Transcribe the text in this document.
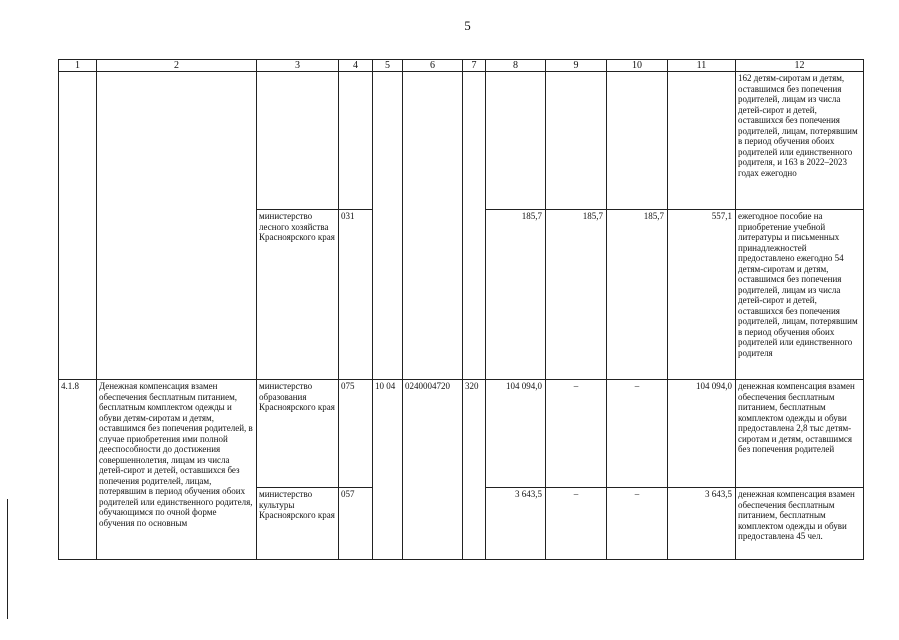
5
1	2	3	4	5	6	7	8	9	10	11	12
											162 детям-сиротам и детям, оставшимся без попечения родителей, лицам из числа детей-сирот и детей, оставшихся без попечения родителей, лицам, потерявшим в период обучения обоих родителей или единственного родителя, и 163 в 2022–2023 годах ежегодно
		министерство лесного хозяйства Красноярского края	031				185,7	185,7	185,7	557,1	ежегодное пособие на приобретение учебной литературы и письменных принадлежностей предоставлено ежегодно 54 детям-сиротам и детям, оставшимся без попечения родителей, лицам из числа детей-сирот и детей, оставшихся без попечения родителей, лицам, потерявшим в период обучения обоих родителей или единственного родителя
4.1.8	Денежная компенсация взамен обеспечения бесплатным питанием, бесплатным комплектом одежды и обуви детям-сиротам и детям, оставшимся без попечения родителей, в случае приобретения ими полной дееспособности до достижения совершеннолетия, лицам из числа детей-сирот и детей, оставшихся без попечения родителей, лицам, потерявшим в период обучения обоих родителей или единственного родителя, обучающимся по очной форме обучения по основным	министерство образования Красноярского края	075	10 04	0240004720	320	104 094,0	–	–	104 094,0	денежная компенсация взамен обеспечения бесплатным питанием, бесплатным комплектом одежды и обуви предоставлена 2,8 тыс детям-сиротам и детям, оставшимся без попечения родителей
		министерство культуры Красноярского края	057				3 643,5	–	–	3 643,5	денежная компенсация взамен обеспечения бесплатным питанием, бесплатным комплектом одежды и обуви предоставлена 45 чел.
